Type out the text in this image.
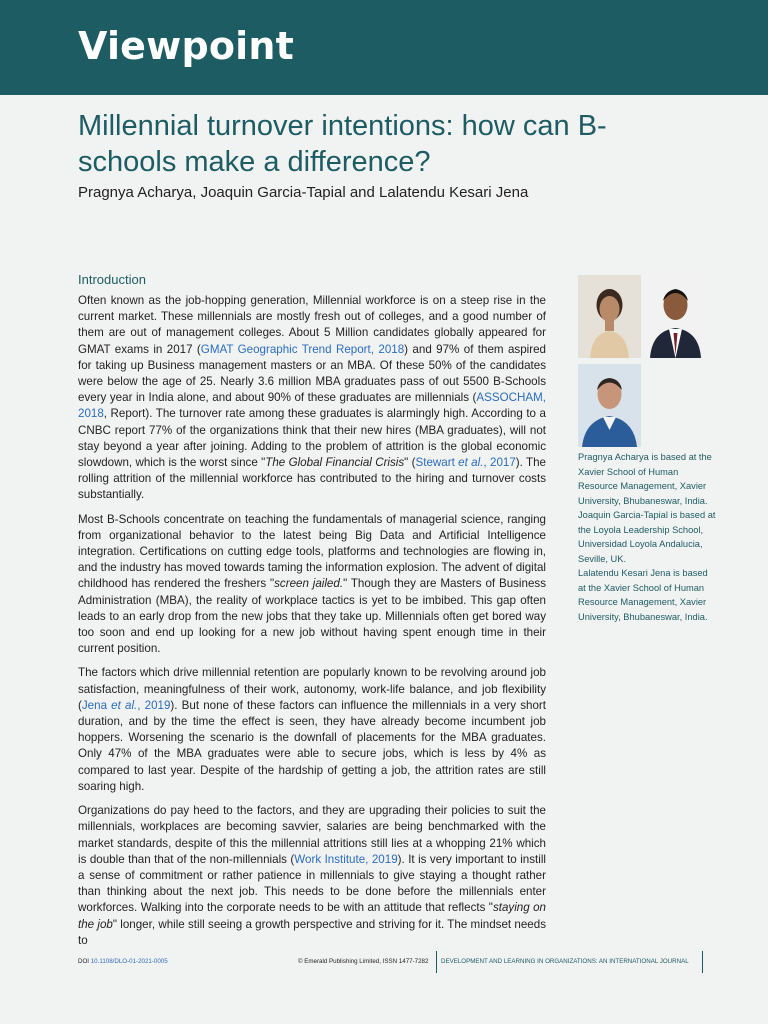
Viewpoint
Millennial turnover intentions: how can B-schools make a difference?
Pragnya Acharya, Joaquin Garcia-Tapial and Lalatendu Kesari Jena
Introduction

Often known as the job-hopping generation, Millennial workforce is on a steep rise in the current market. These millennials are mostly fresh out of colleges, and a good number of them are out of management colleges. About 5 Million candidates globally appeared for GMAT exams in 2017 (GMAT Geographic Trend Report, 2018) and 97% of them aspired for taking up Business management masters or an MBA. Of these 50% of the candidates were below the age of 25. Nearly 3.6 million MBA graduates pass of out 5500 B-Schools every year in India alone, and about 90% of these graduates are millennials (ASSOCHAM, 2018, Report). The turnover rate among these graduates is alarmingly high. According to a CNBC report 77% of the organizations think that their new hires (MBA graduates), will not stay beyond a year after joining. Adding to the problem of attrition is the global economic slowdown, which is the worst since "The Global Financial Crisis" (Stewart et al., 2017). The rolling attrition of the millennial workforce has contributed to the hiring and turnover costs substantially.

Most B-Schools concentrate on teaching the fundamentals of managerial science, ranging from organizational behavior to the latest being Big Data and Artificial Intelligence integration. Certifications on cutting edge tools, platforms and technologies are flowing in, and the industry has moved towards taming the information explosion. The advent of digital childhood has rendered the freshers "screen jailed." Though they are Masters of Business Administration (MBA), the reality of workplace tactics is yet to be imbibed. This gap often leads to an early drop from the new jobs that they take up. Millennials often get bored way too soon and end up looking for a new job without having spent enough time in their current position.

The factors which drive millennial retention are popularly known to be revolving around job satisfaction, meaningfulness of their work, autonomy, work-life balance, and job flexibility (Jena et al., 2019). But none of these factors can influence the millennials in a very short duration, and by the time the effect is seen, they have already become incumbent job hoppers. Worsening the scenario is the downfall of placements for the MBA graduates. Only 47% of the MBA graduates were able to secure jobs, which is less by 4% as compared to last year. Despite of the hardship of getting a job, the attrition rates are still soaring high.

Organizations do pay heed to the factors, and they are upgrading their policies to suit the millennials, workplaces are becoming savvier, salaries are being benchmarked with the market standards, despite of this the millennial attritions still lies at a whopping 21% which is double than that of the non-millennials (Work Institute, 2019). It is very important to instill a sense of commitment or rather patience in millennials to give staying a thought rather than thinking about the next job. This needs to be done before the millennials enter workforces. Walking into the corporate needs to be with an attitude that reflects "staying on the job" longer, while still seeing a growth perspective and striving for it. The mindset needs to

Pragnya Acharya is based at the Xavier School of Human Resource Management, Xavier University, Bhubaneswar, India.

Joaquin Garcia-Tapial is based at the Loyola Leadership School, Universidad Loyola Andalucia, Seville, UK.

Lalatendu Kesari Jena is based at the Xavier School of Human Resource Management, Xavier University, Bhubaneswar, India.

DOI 10.1108/DLO-01-2021-0005	© Emerald Publishing Limited, ISSN 1477-7282 DEVELOPMENT AND LEARNING IN ORGANIZATIONS: AN INTERNATIONAL JOURNAL
